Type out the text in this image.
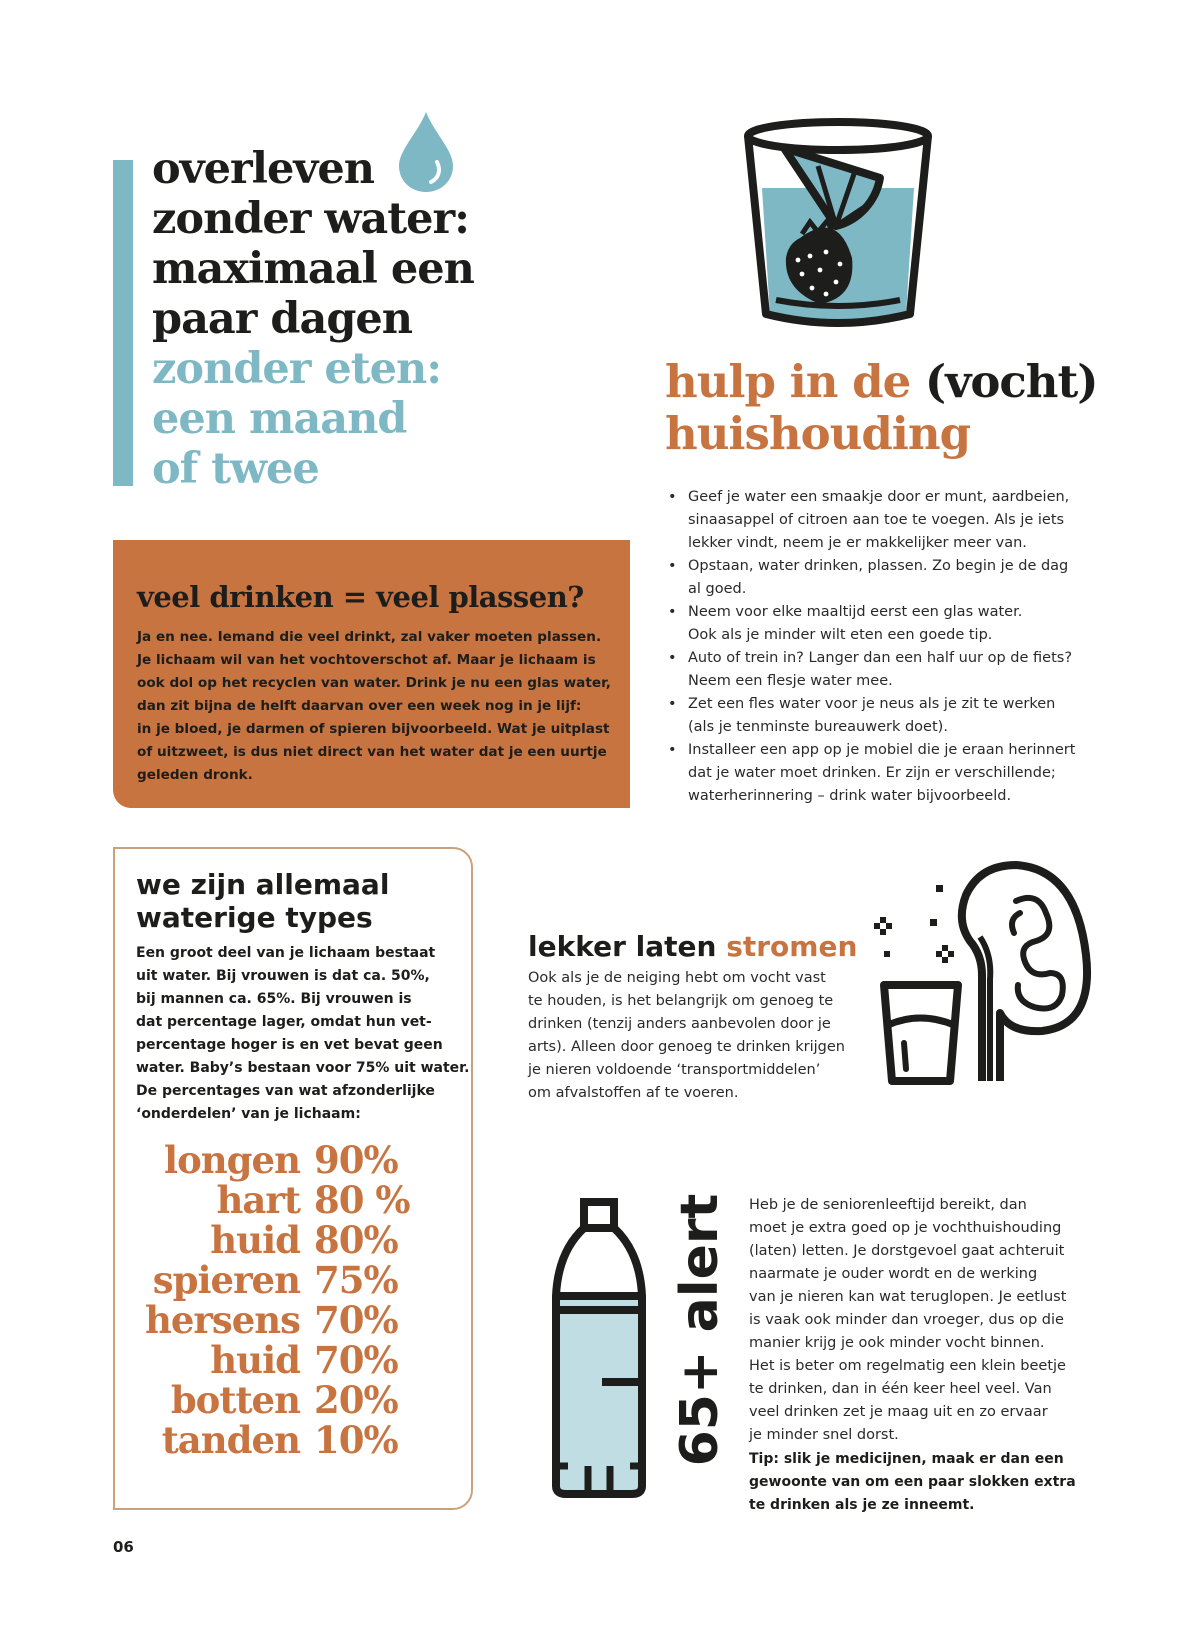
overleven
zonder water:
maximaal een
paar dagen
zonder eten:
een maand
of twee
hulp in de (vocht)
huishouding
• Geef je water een smaakje door er munt, aardbeien,
sinaasappel of citroen aan toe te voegen. Als je iets
lekker vindt, neem je er makkelijker meer van.
• Opstaan, water drinken, plassen. Zo begin je de dag
al goed.
• Neem voor elke maaltijd eerst een glas water.
Ook als je minder wilt eten een goede tip.
• Auto of trein in? Langer dan een half uur op de fiets?
Neem een flesje water mee.
• Zet een fles water voor je neus als je zit te werken
(als je tenminste bureauwerk doet).
• Installeer een app op je mobiel die je eraan herinnert
dat je water moet drinken. Er zijn er verschillende;
waterherinnering – drink water bijvoorbeeld.
veel drinken = veel plassen?
Ja en nee. Iemand die veel drinkt, zal vaker moeten plassen.
Je lichaam wil van het vochtoverschot af. Maar je lichaam is
ook dol op het recyclen van water. Drink je nu een glas water,
dan zit bijna de helft daarvan over een week nog in je lijf:
in je bloed, je darmen of spieren bijvoorbeeld. Wat je uitplast
of uitzweet, is dus niet direct van het water dat je een uurtje
geleden dronk.
we zijn allemaal
waterige types
Een groot deel van je lichaam bestaat
uit water. Bij vrouwen is dat ca. 50%,
bij mannen ca. 65%. Bij vrouwen is
dat percentage lager, omdat hun vet-
percentage hoger is en vet bevat geen
water. Baby’s bestaan voor 75% uit water.
De percentages van wat afzonderlijke
‘onderdelen’ van je lichaam:
longen 90%
hart 80 %
huid 80%
spieren 75%
hersens 70%
huid 70%
botten 20%
tanden 10%
lekker laten stromen
Ook als je de neiging hebt om vocht vast
te houden, is het belangrijk om genoeg te
drinken (tenzij anders aanbevolen door je
arts). Alleen door genoeg te drinken krijgen
je nieren voldoende ‘transportmiddelen’
om afvalstoffen af te voeren.
65+ alert Heb je de seniorenleeftijd bereikt, dan
moet je extra goed op je vochthuishouding
(laten) letten. Je dorstgevoel gaat achteruit
naarmate je ouder wordt en de werking
van je nieren kan wat teruglopen. Je eetlust
is vaak ook minder dan vroeger, dus op die
manier krijg je ook minder vocht binnen.
Het is beter om regelmatig een klein beetje
te drinken, dan in één keer heel veel. Van
veel drinken zet je maag uit en zo ervaar
je minder snel dorst.
Tip: slik je medicijnen, maak er dan een
gewoonte van om een paar slokken extra
te drinken als je ze inneemt.
06
